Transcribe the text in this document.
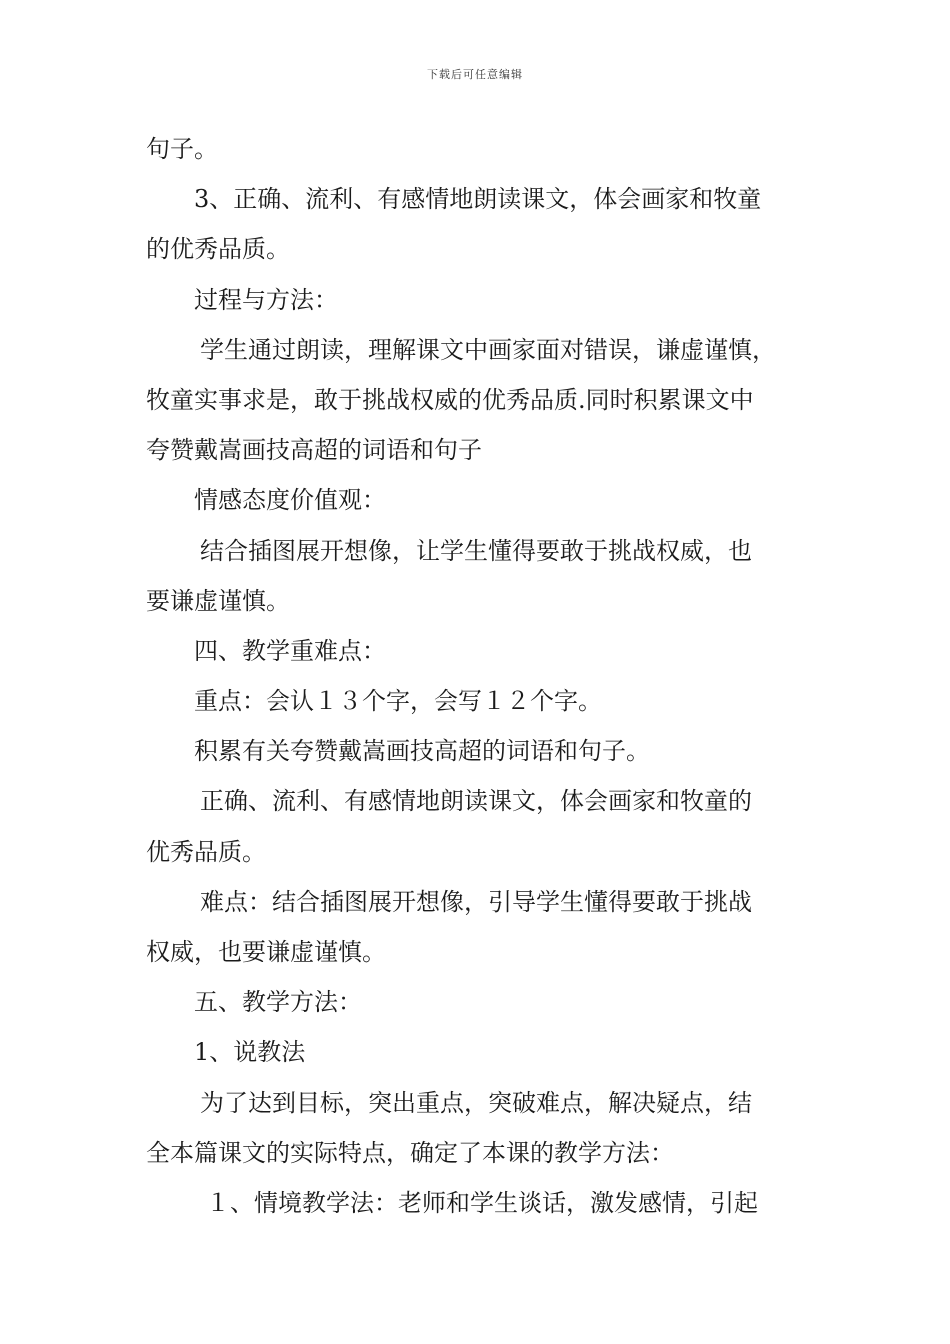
下载后可任意编辑
句子。
3、正确、流利、有感情地朗读课文，体会画家和牧童
的优秀品质。
过程与方法：
学生通过朗读，理解课文中画家面对错误，谦虚谨慎，
牧童实事求是，敢于挑战权威的优秀品质.同时积累课文中
夸赞戴嵩画技高超的词语和句子
情感态度价值观：
结合插图展开想像，让学生懂得要敢于挑战权威，也
要谦虚谨慎。
四、教学重难点：
重点：会认１３个字，会写１２个字。
积累有关夸赞戴嵩画技高超的词语和句子。
正确、流利、有感情地朗读课文，体会画家和牧童的
优秀品质。
难点：结合插图展开想像，引导学生懂得要敢于挑战
权威，也要谦虚谨慎。
五、教学方法：
1、说教法
为了达到目标，突出重点，突破难点，解决疑点，结
全本篇课文的实际特点，确定了本课的教学方法：
１、情境教学法：老师和学生谈话，激发感情，引起
